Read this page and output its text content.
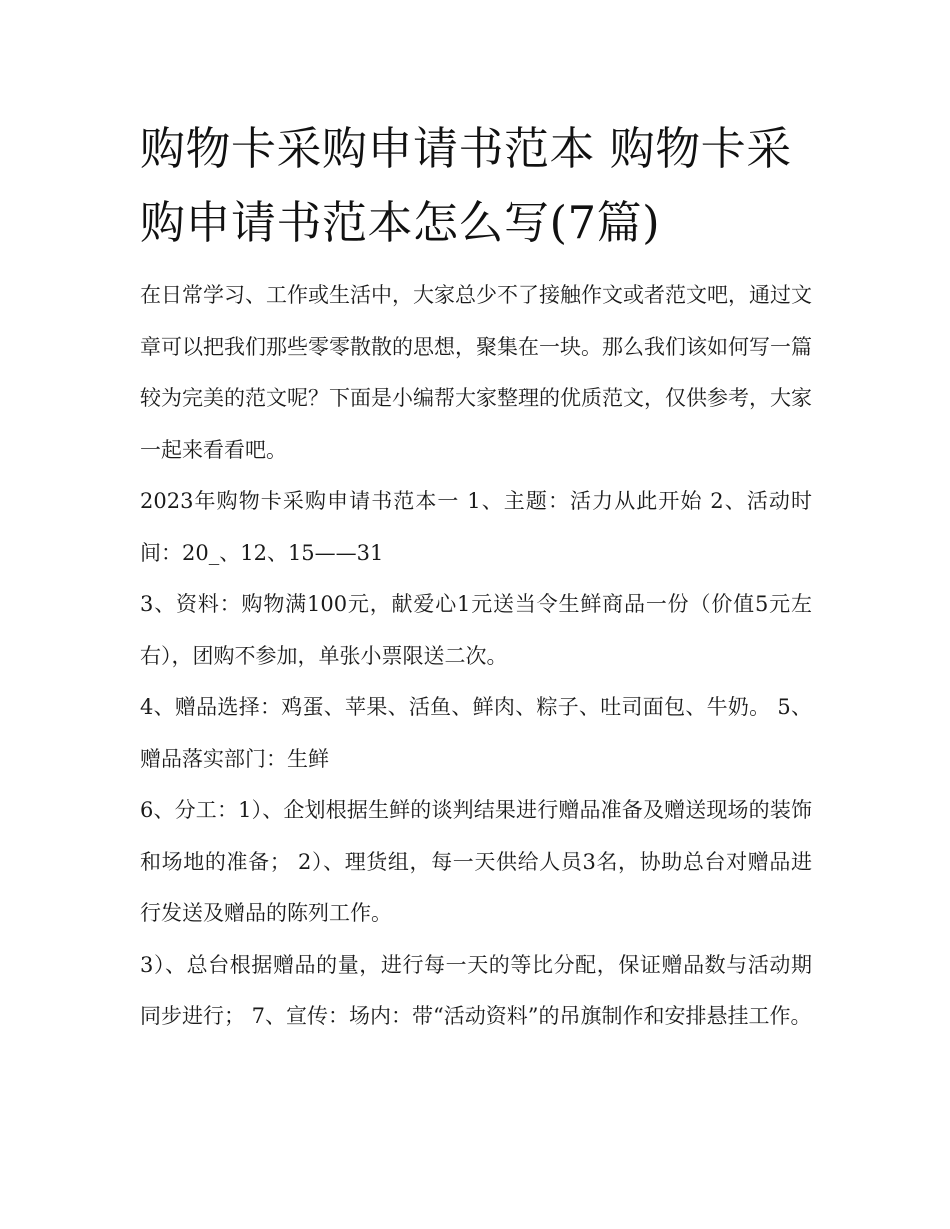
购物卡采购申请书范本 购物卡采购申请书范本怎么写(7篇)

在日常学习、工作或生活中，大家总少不了接触作文或者范文吧，通过文章可以把我们那些零零散散的思想，聚集在一块。那么我们该如何写一篇较为完美的范文呢？下面是小编帮大家整理的优质范文，仅供参考，大家一起来看看吧。

2023年购物卡采购申请书范本一 1、主题：活力从此开始 2、活动时间：20_、12、15——31

3、资料：购物满100元，献爱心1元送当令生鲜商品一份（价值5元左右），团购不参加，单张小票限送二次。

4、赠品选择：鸡蛋、苹果、活鱼、鲜肉、粽子、吐司面包、牛奶。 5、赠品落实部门：生鲜

6、分工：1）、企划根据生鲜的谈判结果进行赠品准备及赠送现场的装饰和场地的准备； 2）、理货组，每一天供给人员3名，协助总台对赠品进行发送及赠品的陈列工作。

3）、总台根据赠品的量，进行每一天的等比分配，保证赠品数与活动期同步进行； 7、宣传：场内：带“活动资料”的吊旗制作和安排悬挂工作。
